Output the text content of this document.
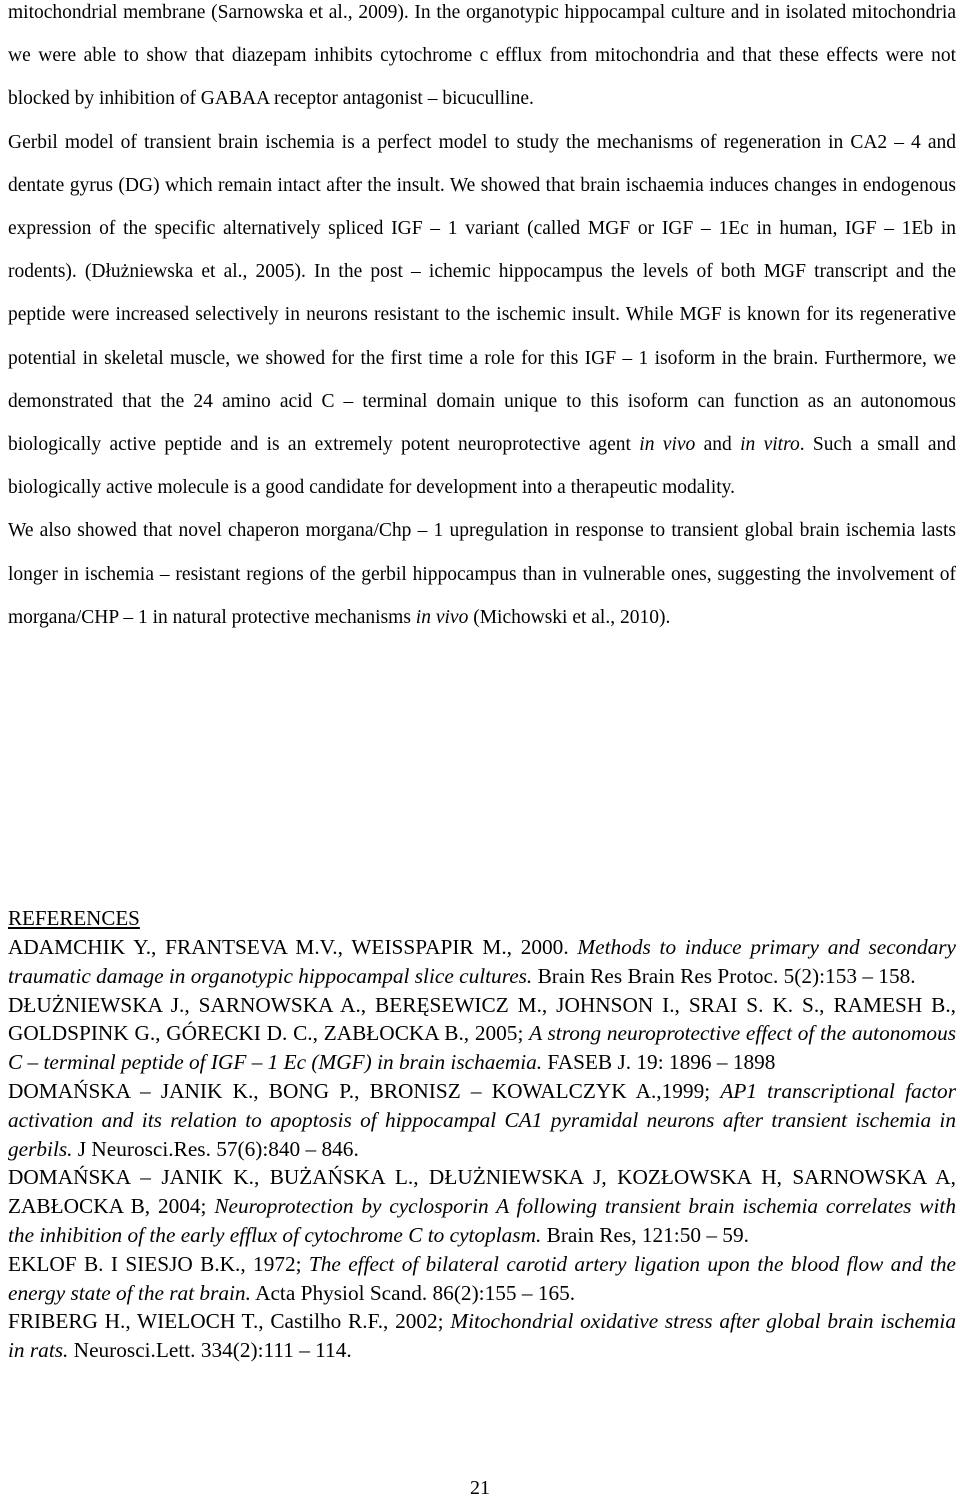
mitochondrial membrane (Sarnowska et al., 2009). In the organotypic hippocampal culture and in isolated mitochondria we were able to show that diazepam inhibits cytochrome c efflux from mitochondria and that these effects were not blocked by inhibition of GABAA receptor antagonist – bicuculline.

Gerbil model of transient brain ischemia is a perfect model to study the mechanisms of regeneration in CA2 – 4 and dentate gyrus (DG) which remain intact after the insult. We showed that brain ischaemia induces changes in endogenous expression of the specific alternatively spliced IGF – 1 variant (called MGF or IGF – 1Ec in human, IGF – 1Eb in rodents). (Dłużniewska et al., 2005). In the post – ichemic hippocampus the levels of both MGF transcript and the peptide were increased selectively in neurons resistant to the ischemic insult. While MGF is known for its regenerative potential in skeletal muscle, we showed for the first time a role for this IGF – 1 isoform in the brain. Furthermore, we demonstrated that the 24 amino acid C – terminal domain unique to this isoform can function as an autonomous biologically active peptide and is an extremely potent neuroprotective agent in vivo and in vitro. Such a small and biologically active molecule is a good candidate for development into a therapeutic modality.

We also showed that novel chaperon morgana/Chp – 1 upregulation in response to transient global brain ischemia lasts longer in ischemia – resistant regions of the gerbil hippocampus than in vulnerable ones, suggesting the involvement of morgana/CHP – 1 in natural protective mechanisms in vivo (Michowski et al., 2010).

REFERENCES
ADAMCHIK Y., FRANTSEVA M.V., WEISSPAPIR M., 2000. Methods to induce primary and secondary traumatic damage in organotypic hippocampal slice cultures. Brain Res Brain Res Protoc. 5(2):153 – 158.
DŁUŻNIEWSKA J., SARNOWSKA A., BERĘSEWICZ M., JOHNSON I., SRAI S. K. S., RAMESH B., GOLDSPINK G., GÓRECKI D. C., ZABŁOCKA B., 2005; A strong neuroprotective effect of the autonomous C – terminal peptide of IGF – 1 Ec (MGF) in brain ischaemia. FASEB J. 19: 1896 – 1898
DOMAŃSKA – JANIK K., BONG P., BRONISZ – KOWALCZYK A.,1999; AP1 transcriptional factor activation and its relation to apoptosis of hippocampal CA1 pyramidal neurons after transient ischemia in gerbils. J Neurosci.Res. 57(6):840 – 846.
DOMAŃSKA – JANIK K., BUŻAŃSKA L., DŁUŻNIEWSKA J, KOZŁOWSKA H, SARNOWSKA A, ZABŁOCKA B, 2004; Neuroprotection by cyclosporin A following transient brain ischemia correlates with the inhibition of the early efflux of cytochrome C to cytoplasm. Brain Res, 121:50 – 59.
EKLOF B. I SIESJO B.K., 1972; The effect of bilateral carotid artery ligation upon the blood flow and the energy state of the rat brain. Acta Physiol Scand. 86(2):155 – 165.
FRIBERG H., WIELOCH T., Castilho R.F., 2002; Mitochondrial oxidative stress after global brain ischemia in rats. Neurosci.Lett. 334(2):111 – 114.
21
